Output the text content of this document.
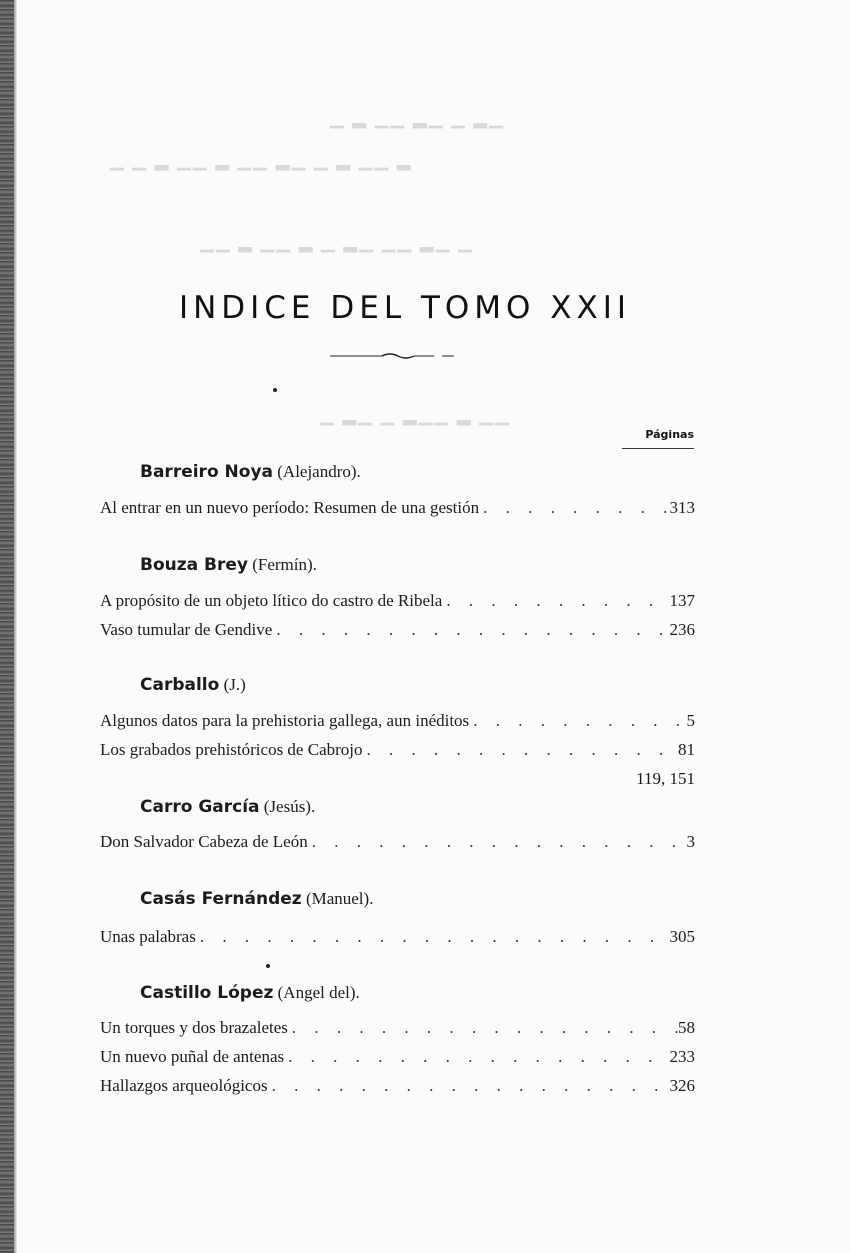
▁ ▂ ▁▁ ▂▁ ▁ ▂▁
▁ ▁ ▂ ▁▁ ▂ ▁▁ ▂▁ ▁ ▂ ▁▁ ▂
▁▁ ▂ ▁▁ ▂ ▁ ▂▁ ▁▁ ▂▁ ▁
▁ ▂▁ ▁ ▂▁▁ ▂ ▁▁
INDICE DEL TOMO XXII
Páginas
Barreiro Noya (Alejandro).
Al entrar en un nuevo período: Resumen de una gestión . . .	313
Bouza Brey (Fermín).
A propósito de un objeto lítico do castro de Ribela . . .	137
Vaso tumular de Gendive . . .	236
Carballo (J.)
Algunos datos para la prehistoria gallega, aun inéditos . . .	5
Los grabados prehistóricos de Cabrojo . . .	81
119, 151
Carro García (Jesús).
Don Salvador Cabeza de León . . .	3
Casás Fernández (Manuel).
Unas palabras . . .	305
Castillo López (Angel del).
Un torques y dos brazaletes . . .	58
Un nuevo puñal de antenas . . .	233
Hallazgos arqueológicos . . .	326
